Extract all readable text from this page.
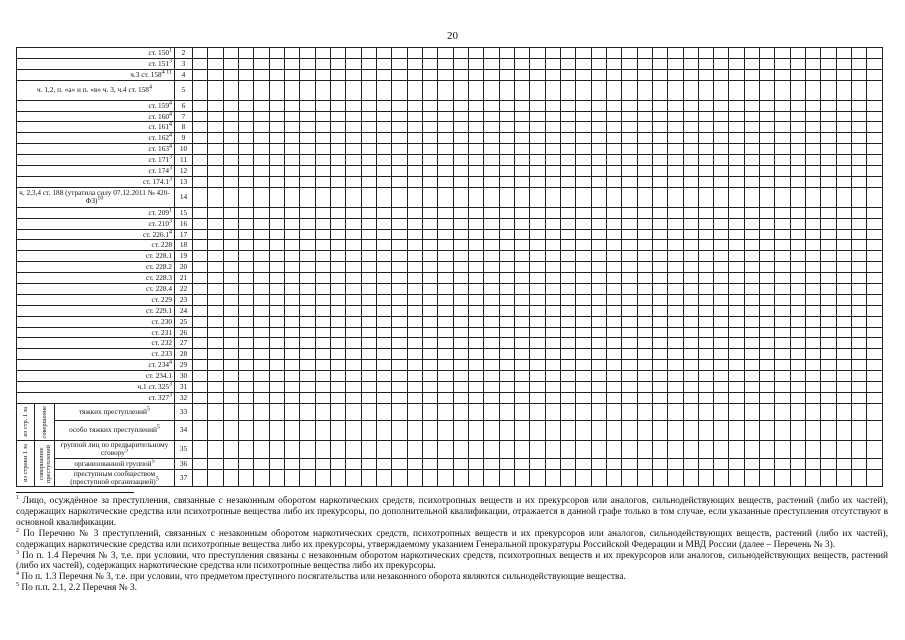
20
ст. $150^1$			2																																													
ст. $151^3$			3																																													
ч.3 ст. $158^{4 11}$			4																																													
ч. 1,2, п. «а» и п. «в» ч. 3, ч.4 ст. $158^4$			5																																													
ст. $159^4$			6																																													
ст. $160^4$			7																																													
ст. $161^4$			8																																													
ст. $162^4$			9																																													
ст. $163^4$			10																																													
ст. $171^3$			11																																													
ст. $174^3$			12																																													
ст. 174.1$^3$			13																																													
ч. 2,3,4 ст. 188 (утратила силу 07.12.2011 № 420-ФЗ)$^{10}$			14																																													
ст. $209^1$			15																																													
ст. $210^3$			16																																													
ст. 226.1$^4$			17																																													
ст. 228			18																																													
ст. 228.1			19																																													
ст. 228.2			20																																													
ст. 228.3			21																																													
ст. 228.4			22																																													
ст. 229			23																																													
ст. 229.1			24																																													
ст. 230			25																																													
ст. 231			26																																													
ст. 232			27																																													
ст. 233			28																																													
ст. $234^4$			29																																													
ст. 234.1			30																																													
ч.1 ст. $325^3$			31																																													
ст. $327^3$			32																																													

из стр. 1 за	совершение	тяжких преступлений$^5$	33																																													
		особо тяжких преступлений$^5$	34																																													

из строки 1 за	совершение преступлений	группой лиц по предварительному сговору$^5$	35																																													
		организованной группой$^5$	36																																													
		преступным сообществом (преступной организацией)$^5$	37																																													

$^1$ Лицо, осуждённое за преступления, связанные с незаконным оборотом наркотических средств, психотропных веществ и их прекурсоров или аналогов, сильнодействующих веществ, растений (либо их частей), содержащих наркотические средства или психотропные вещества либо их прекурсоры, по дополнительной квалификации, отражается в данной графе только в том случае, если указанные преступления отсутствуют в основной квалификации.

$^2$ По Перечню № 3 преступлений, связанных с незаконным оборотом наркотических средств, психотропных веществ и их прекурсоров или аналогов, сильнодействующих веществ, растений (либо их частей), содержащих наркотические средства или психотропные вещества либо их прекурсоры, утверждаемому указанием Генеральной прокуратуры Российской Федерации и МВД России (далее – Перечень № 3).

$^3$ По п. 1.4 Перечня № 3, т.е. при условии, что преступления связаны с незаконным оборотом наркотических средств, психотропных веществ и их прекурсоров или аналогов, сильнодействующих веществ, растений (либо их частей), содержащих наркотические средства или психотропные вещества либо их прекурсоры.

$^4$ По п. 1.3 Перечня № 3, т.е. при условии, что предметом преступного посягательства или незаконного оборота являются сильнодействующие вещества.

$^5$ По п.п. 2.1, 2.2 Перечня № 3.
